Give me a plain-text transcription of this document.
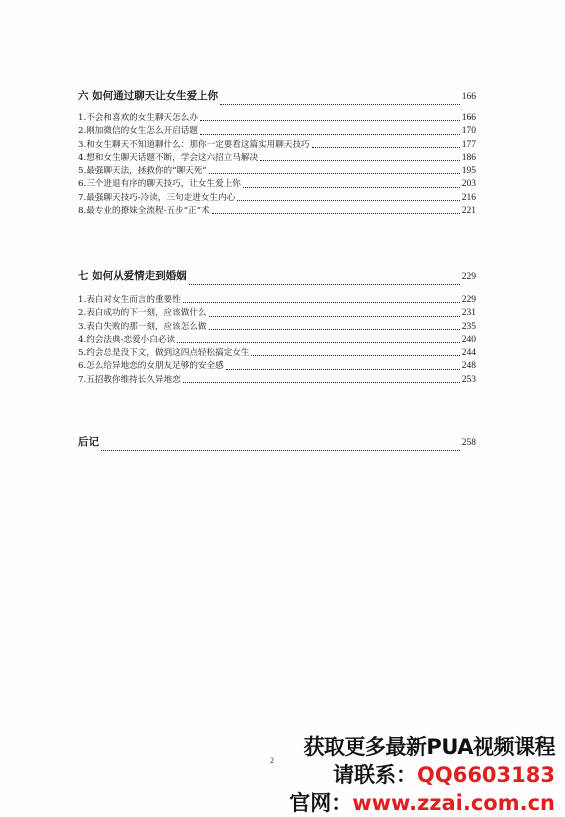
六 如何通过聊天让女生爱上你	166
1.不会和喜欢的女生聊天怎么办	166
2.刚加微信的女生怎么开启话题	170
3.和女生聊天不知道聊什么：那你一定要看这篇实用聊天技巧	177
4.想和女生聊天话题不断，学会这六招立马解决	186
5.最强聊天法，拯救你的“聊天死”	195
6.三个进退有序的聊天技巧，让女生爱上你	203
7.最强聊天技巧-冷读，三句走进女生内心	216
8.最专业的撩妹全流程-五步“正”术	221
七 如何从爱情走到婚姻	229
1.表白对女生而言的重要性	229
2.表白成功的下一刻，应该做什么	231
3.表白失败的那一刻，应该怎么做	235
4.约会法典-恋爱小白必读	240
5.约会总是没下文，做到这四点轻松搞定女生	244
6.怎么给异地恋的女朋友足够的安全感	248
7.五招教你维持长久异地恋	253
后记	258
2
获取更多最新PUA视频课程
请联系：QQ6603183
官网：www.zzai.com.cn
